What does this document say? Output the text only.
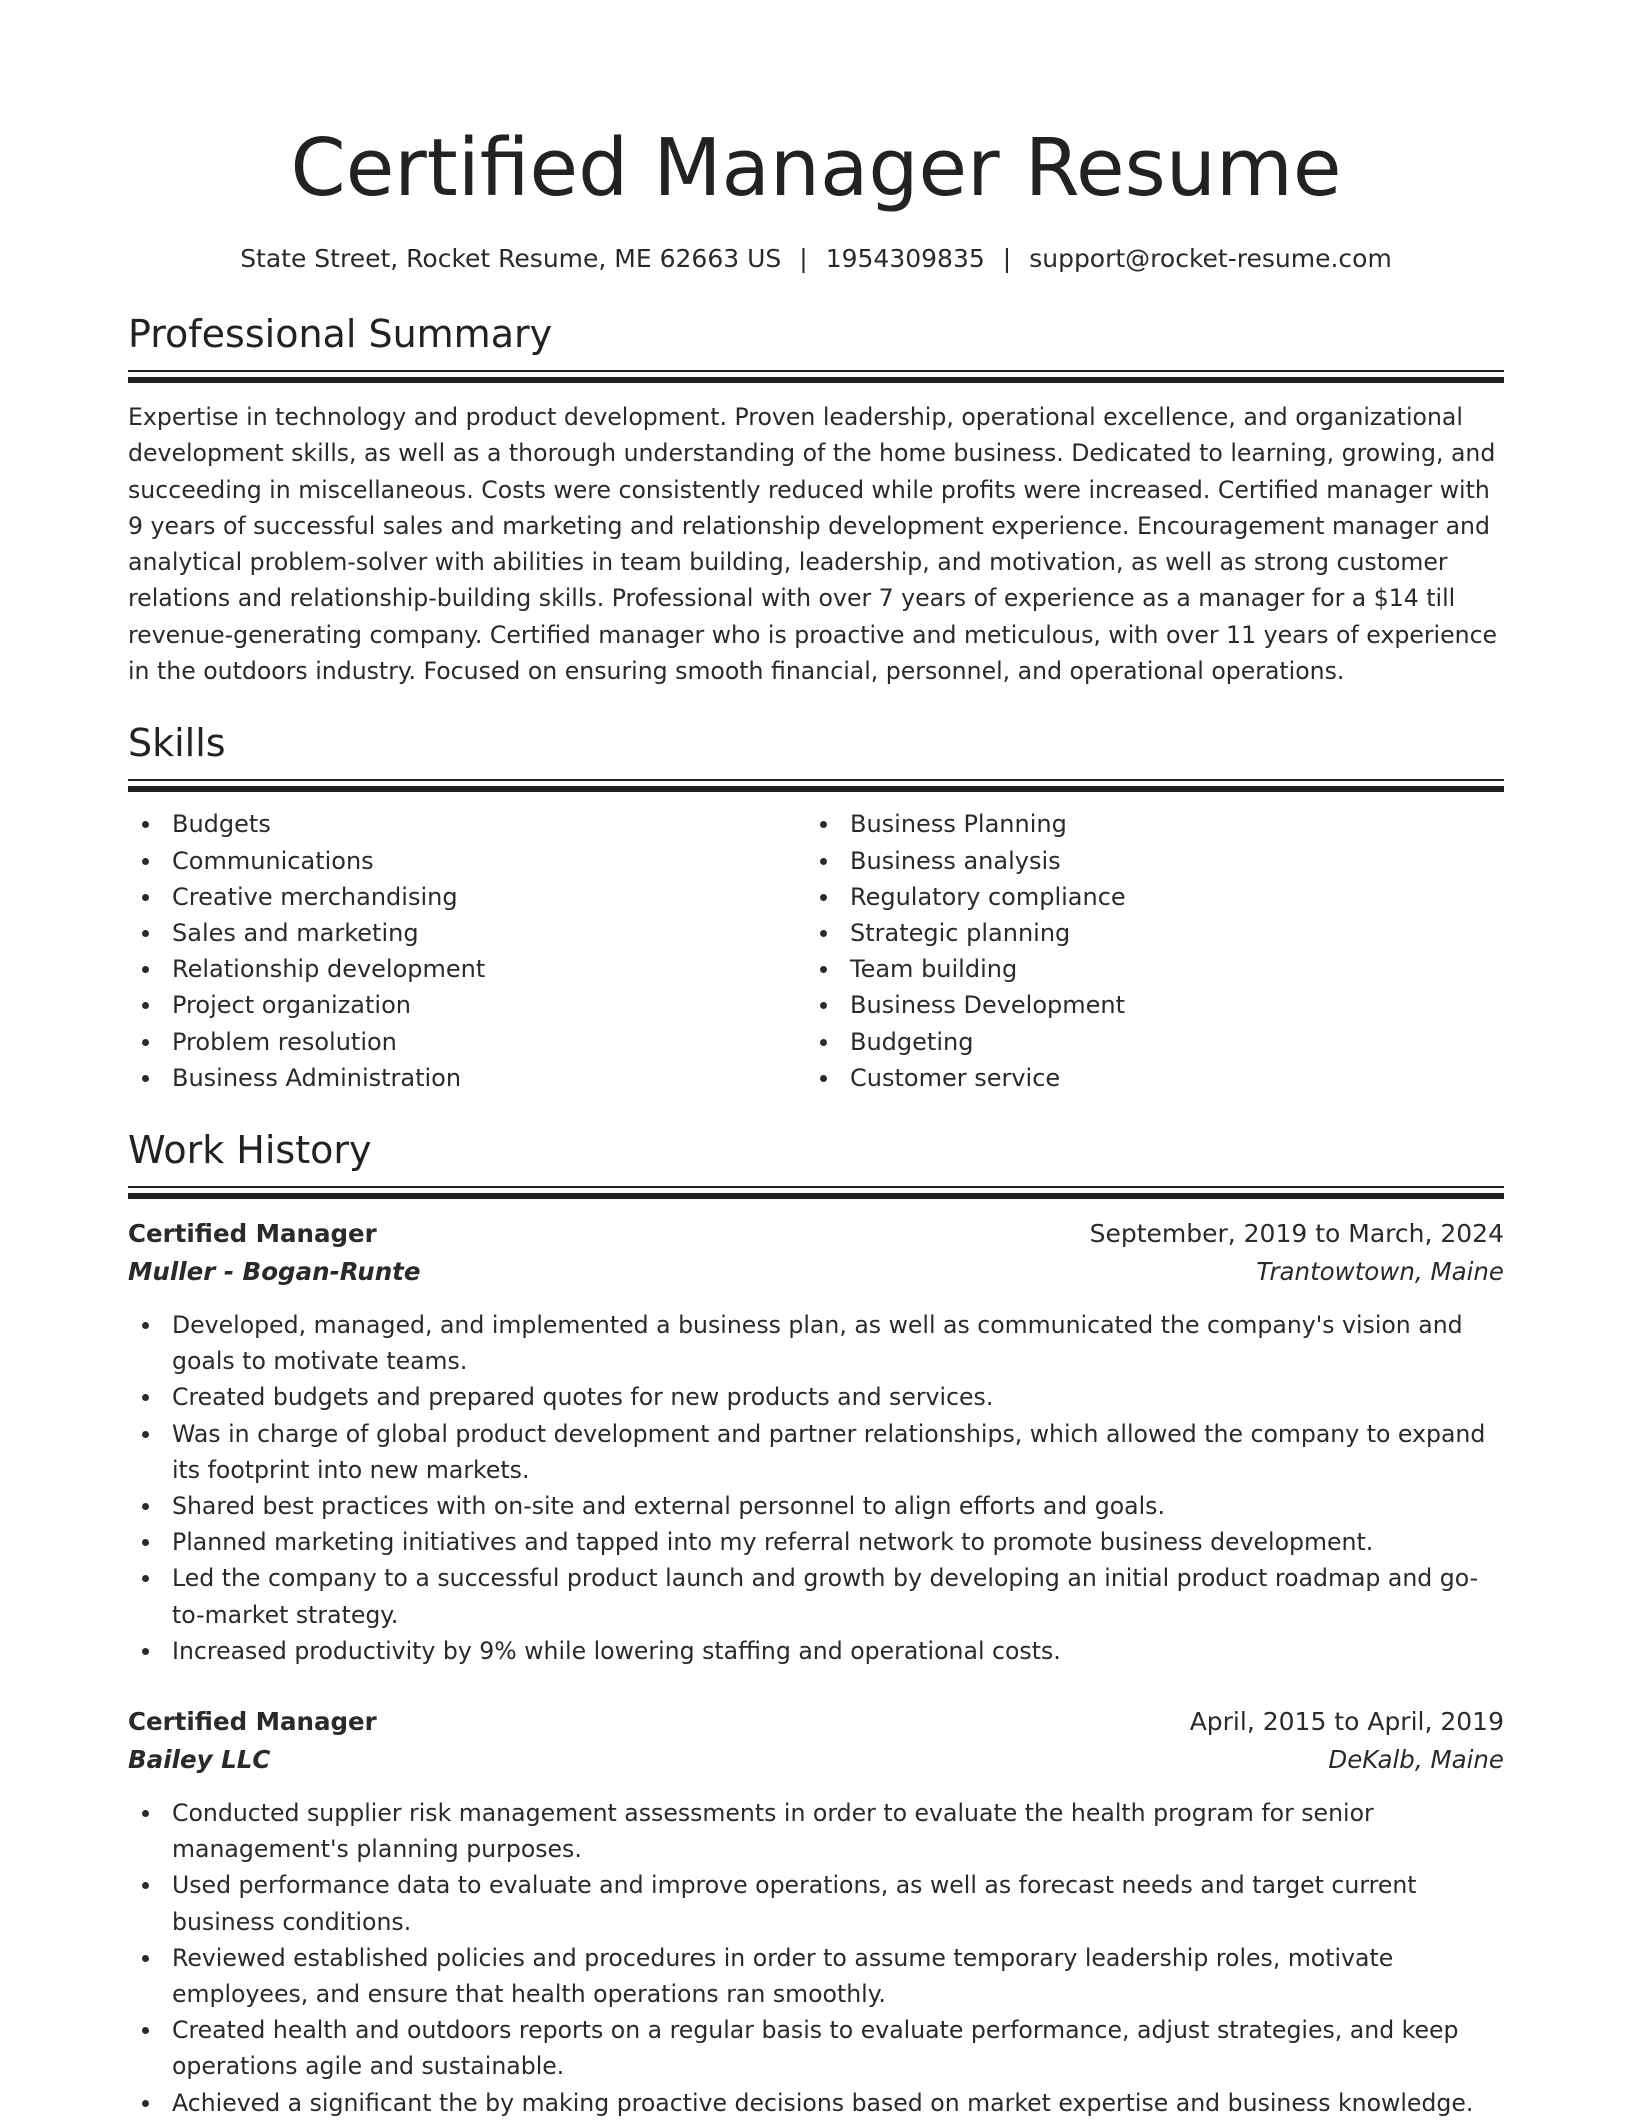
Certified Manager Resume
State Street, Rocket Resume, ME 62663 US | 1954309835 | support@rocket-resume.com
Professional Summary
Expertise in technology and product development. Proven leadership, operational excellence, and organizational development skills, as well as a thorough understanding of the home business. Dedicated to learning, growing, and succeeding in miscellaneous. Costs were consistently reduced while profits were increased. Certified manager with 9 years of successful sales and marketing and relationship development experience. Encouragement manager and analytical problem-solver with abilities in team building, leadership, and motivation, as well as strong customer relations and relationship-building skills. Professional with over 7 years of experience as a manager for a $14 till revenue-generating company. Certified manager who is proactive and meticulous, with over 11 years of experience in the outdoors industry. Focused on ensuring smooth financial, personnel, and operational operations.
Skills
Budgets
Communications
Creative merchandising
Sales and marketing
Relationship development
Project organization
Problem resolution
Business Administration
Business Planning
Business analysis
Regulatory compliance
Strategic planning
Team building
Business Development
Budgeting
Customer service
Work History
Certified Manager	September, 2019 to March, 2024
Muller - Bogan-Runte	Trantowtown, Maine
Developed, managed, and implemented a business plan, as well as communicated the company's vision and goals to motivate teams.
Created budgets and prepared quotes for new products and services.
Was in charge of global product development and partner relationships, which allowed the company to expand its footprint into new markets.
Shared best practices with on-site and external personnel to align efforts and goals.
Planned marketing initiatives and tapped into my referral network to promote business development.
Led the company to a successful product launch and growth by developing an initial product roadmap and go-to-market strategy.
Increased productivity by 9% while lowering staffing and operational costs.
Certified Manager	April, 2015 to April, 2019
Bailey LLC	DeKalb, Maine
Conducted supplier risk management assessments in order to evaluate the health program for senior management's planning purposes.
Used performance data to evaluate and improve operations, as well as forecast needs and target current business conditions.
Reviewed established policies and procedures in order to assume temporary leadership roles, motivate employees, and ensure that health operations ran smoothly.
Created health and outdoors reports on a regular basis to evaluate performance, adjust strategies, and keep operations agile and sustainable.
Achieved a significant the by making proactive decisions based on market expertise and business knowledge.
